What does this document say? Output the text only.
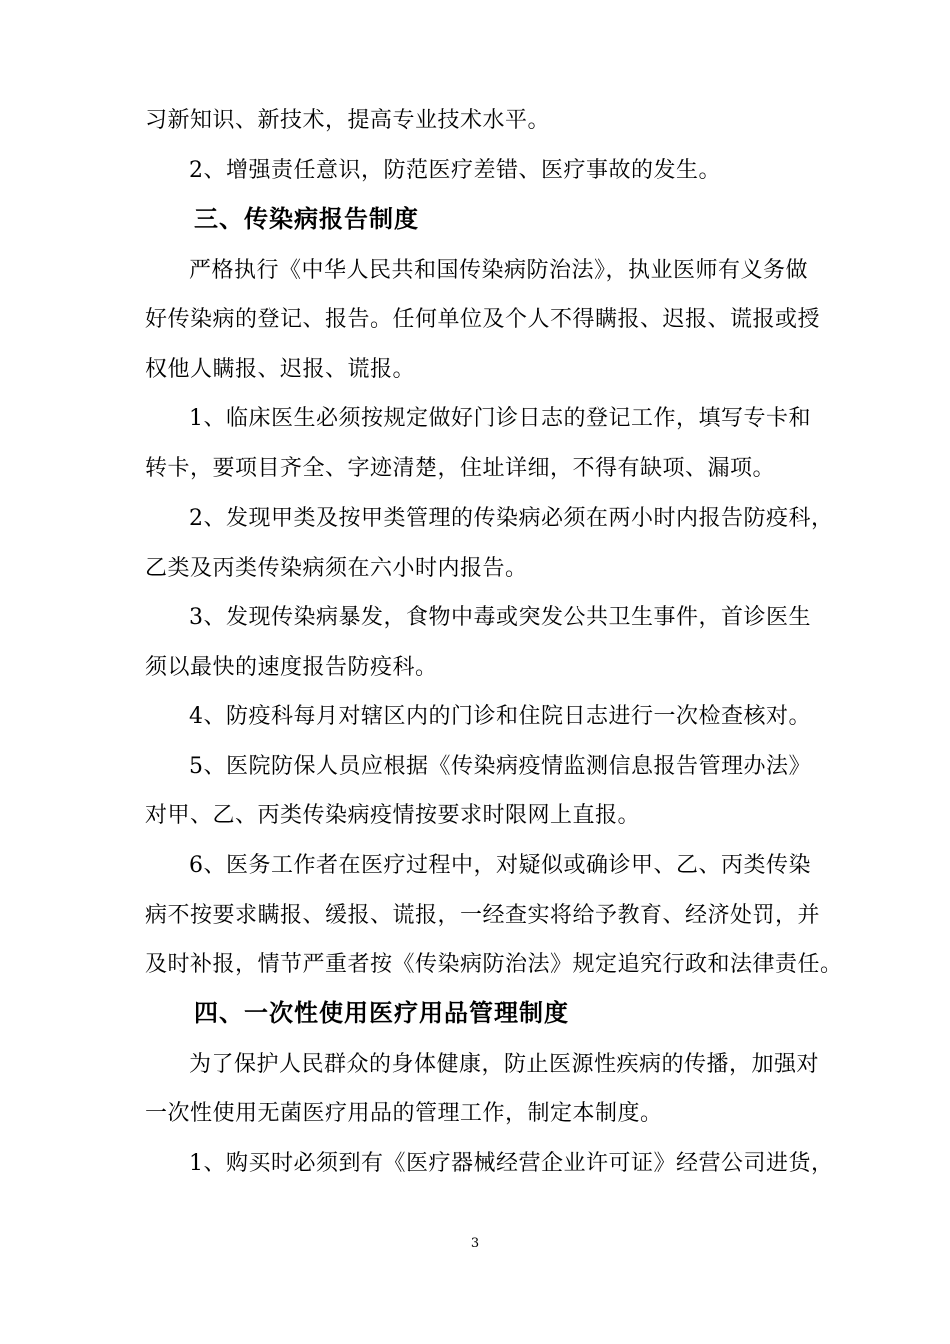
习新知识、新技术，提高专业技术水平。
2、增强责任意识，防范医疗差错、医疗事故的发生。
三、传染病报告制度
严格执行《中华人民共和国传染病防治法》，执业医师有义务做
好传染病的登记、报告。任何单位及个人不得瞒报、迟报、谎报或授
权他人瞒报、迟报、谎报。
1、临床医生必须按规定做好门诊日志的登记工作，填写专卡和
转卡，要项目齐全、字迹清楚，住址详细，不得有缺项、漏项。
2、发现甲类及按甲类管理的传染病必须在两小时内报告防疫科，
乙类及丙类传染病须在六小时内报告。
3、发现传染病暴发，食物中毒或突发公共卫生事件，首诊医生
须以最快的速度报告防疫科。
4、防疫科每月对辖区内的门诊和住院日志进行一次检查核对。
5、医院防保人员应根据《传染病疫情监测信息报告管理办法》
对甲、乙、丙类传染病疫情按要求时限网上直报。
6、医务工作者在医疗过程中，对疑似或确诊甲、乙、丙类传染
病不按要求瞒报、缓报、谎报，一经查实将给予教育、经济处罚，并
及时补报，情节严重者按《传染病防治法》规定追究行政和法律责任。
四、一次性使用医疗用品管理制度
为了保护人民群众的身体健康，防止医源性疾病的传播，加强对
一次性使用无菌医疗用品的管理工作，制定本制度。
1、购买时必须到有《医疗器械经营企业许可证》经营公司进货，
3
